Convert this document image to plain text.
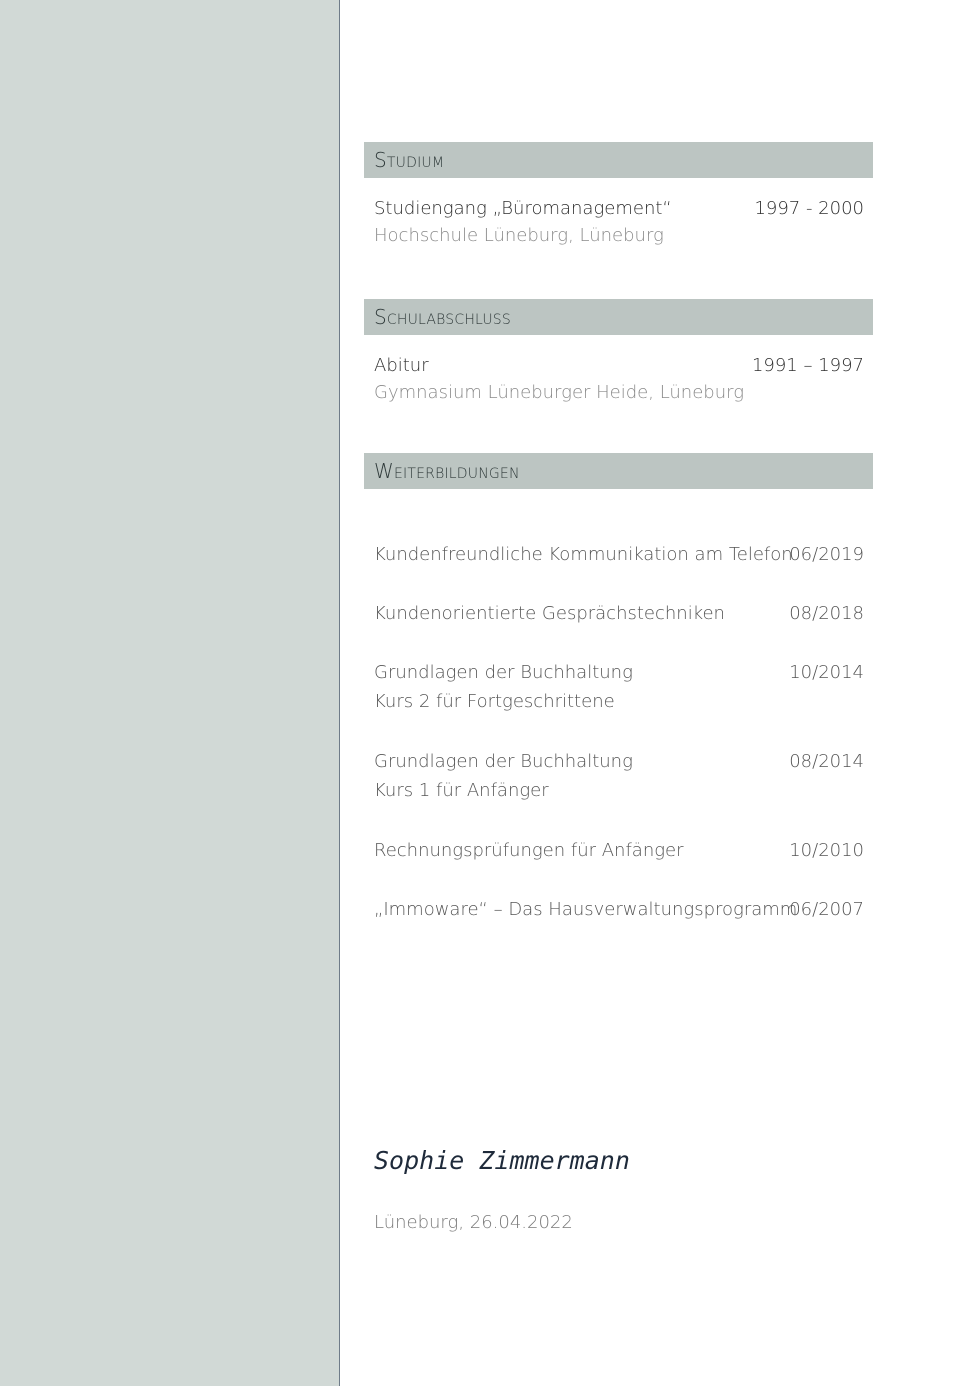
Studium
Studiengang „Büromanagement“
Hochschule Lüneburg, Lüneburg
1997 - 2000
Schulabschluss
Abitur
Gymnasium Lüneburger Heide, Lüneburg
1991 – 1997
Weiterbildungen
Kundenfreundliche Kommunikation am Telefon
06/2019
Kundenorientierte Gesprächstechniken	08/2018
Grundlagen der Buchhaltung
Kurs 2 für Fortgeschrittene
10/2014
Grundlagen der Buchhaltung
Kurs 1 für Anfänger
08/2014
Rechnungsprüfungen für Anfänger	10/2010
„Immoware“ – Das Hausverwaltungsprogramm
06/2007
Sophie Zimmermann
Lüneburg, 26.04.2022
